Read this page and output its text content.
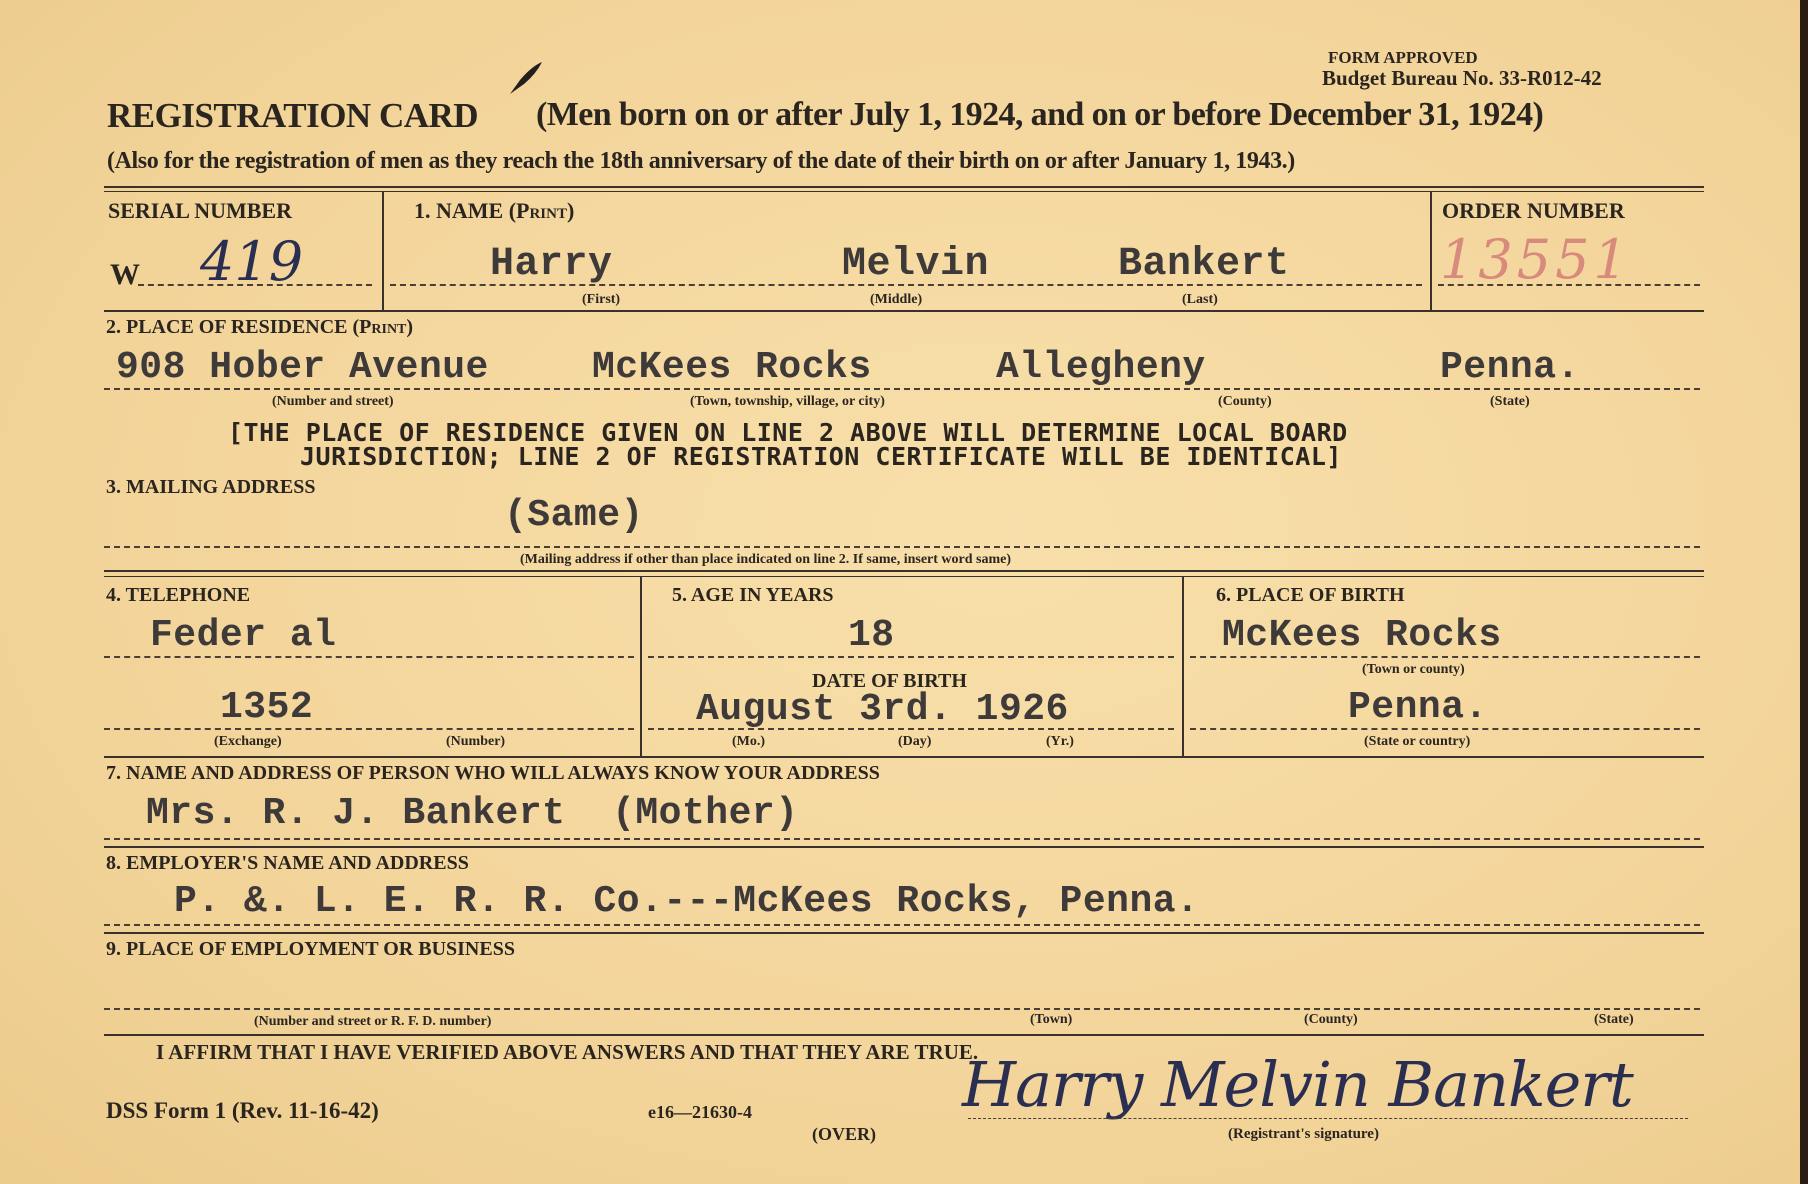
FORM APPROVED
Budget Bureau No. 33-R012-42
REGISTRATION CARD (Men born on or after July 1, 1924, and on or before December 31, 1924)
(Also for the registration of men as they reach the 18th anniversary of the date of their birth on or after January 1, 1943.)
SERIAL NUMBER
W 419
1. NAME (Print)
Harry	Melvin	Bankert
(First)	(Middle)	(Last)
ORDER NUMBER
13551
2. PLACE OF RESIDENCE (Print)
908 Hober Avenue	McKees Rocks	Allegheny	Penna.
(Number and street)	(Town, township, village, or city)	(County)	(State)
[THE PLACE OF RESIDENCE GIVEN ON LINE 2 ABOVE WILL DETERMINE LOCAL BOARD
JURISDICTION; LINE 2 OF REGISTRATION CERTIFICATE WILL BE IDENTICAL]
3. MAILING ADDRESS
(Same)
(Mailing address if other than place indicated on line 2. If same, insert word same)
4. TELEPHONE
Feder al
1352
(Exchange)	(Number)
5. AGE IN YEARS
18
DATE OF BIRTH
August 3rd. 1926
(Mo.)	(Day)	(Yr.)
6. PLACE OF BIRTH
McKees Rocks
(Town or county)
Penna.
(State or country)
7. NAME AND ADDRESS OF PERSON WHO WILL ALWAYS KNOW YOUR ADDRESS
Mrs. R. J. Bankert  (Mother)
8. EMPLOYER'S NAME AND ADDRESS
P. &. L. E. R. R. Co.---McKees Rocks, Penna.
9. PLACE OF EMPLOYMENT OR BUSINESS
(Number and street or R. F. D. number)	(Town)	(County)	(State)
I AFFIRM THAT I HAVE VERIFIED ABOVE ANSWERS AND THAT THEY ARE TRUE.
DSS Form 1 (Rev. 11-16-42)	e16—21630-4
(OVER)
Harry Melvin Bankert
(Registrant's signature)
